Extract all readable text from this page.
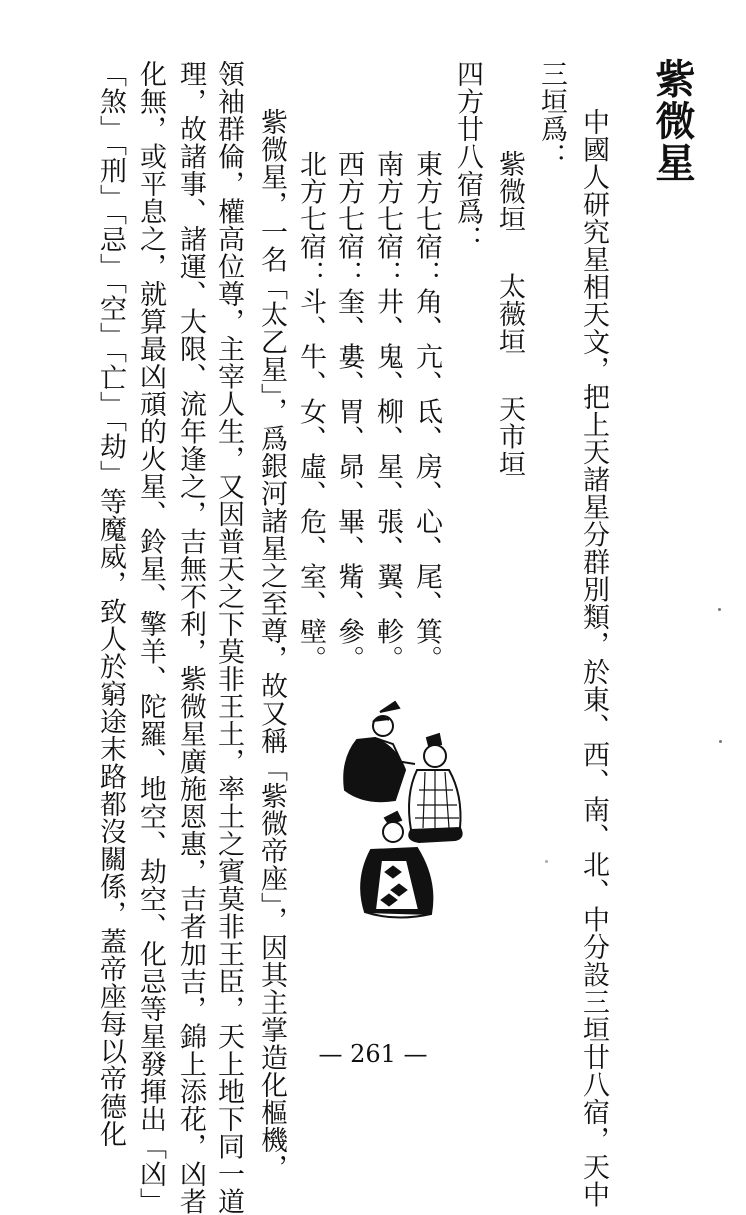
紫微星
中國人研究星相天文，把上天諸星分群別類，於東、西、南、北、中分設三垣廿八宿，天中
三垣爲：
紫微垣太薇垣天市垣
四方廿八宿爲：
東方七宿：角、亢、氐、房、心、尾、箕。
南方七宿：井、鬼、柳、星、張、翼、軫。
西方七宿：奎、婁、胃、昴、畢、觜、參。
北方七宿：斗、牛、女、虛、危、室、壁。
紫微星，一名「太乙星」，爲銀河諸星之至尊，故又稱「紫微帝座」，因其主掌造化樞機，
領袖群倫，權高位尊，主宰人生，又因普天之下莫非王土，率土之賓莫非王臣，天上地下同一道
理，故諸事、諸運、大限、流年逢之，吉無不利，紫微星廣施恩惠，吉者加吉，錦上添花，凶者
化無，或平息之，就算最凶頑的火星、鈴星、擎羊、陀羅、地空、劫空、化忌等星發揮出「凶」
「煞」「刑」「忌」「空」「亡」「劫」等魔威，致人於窮途末路都沒關係，蓋帝座每以帝德化	— 261 —
